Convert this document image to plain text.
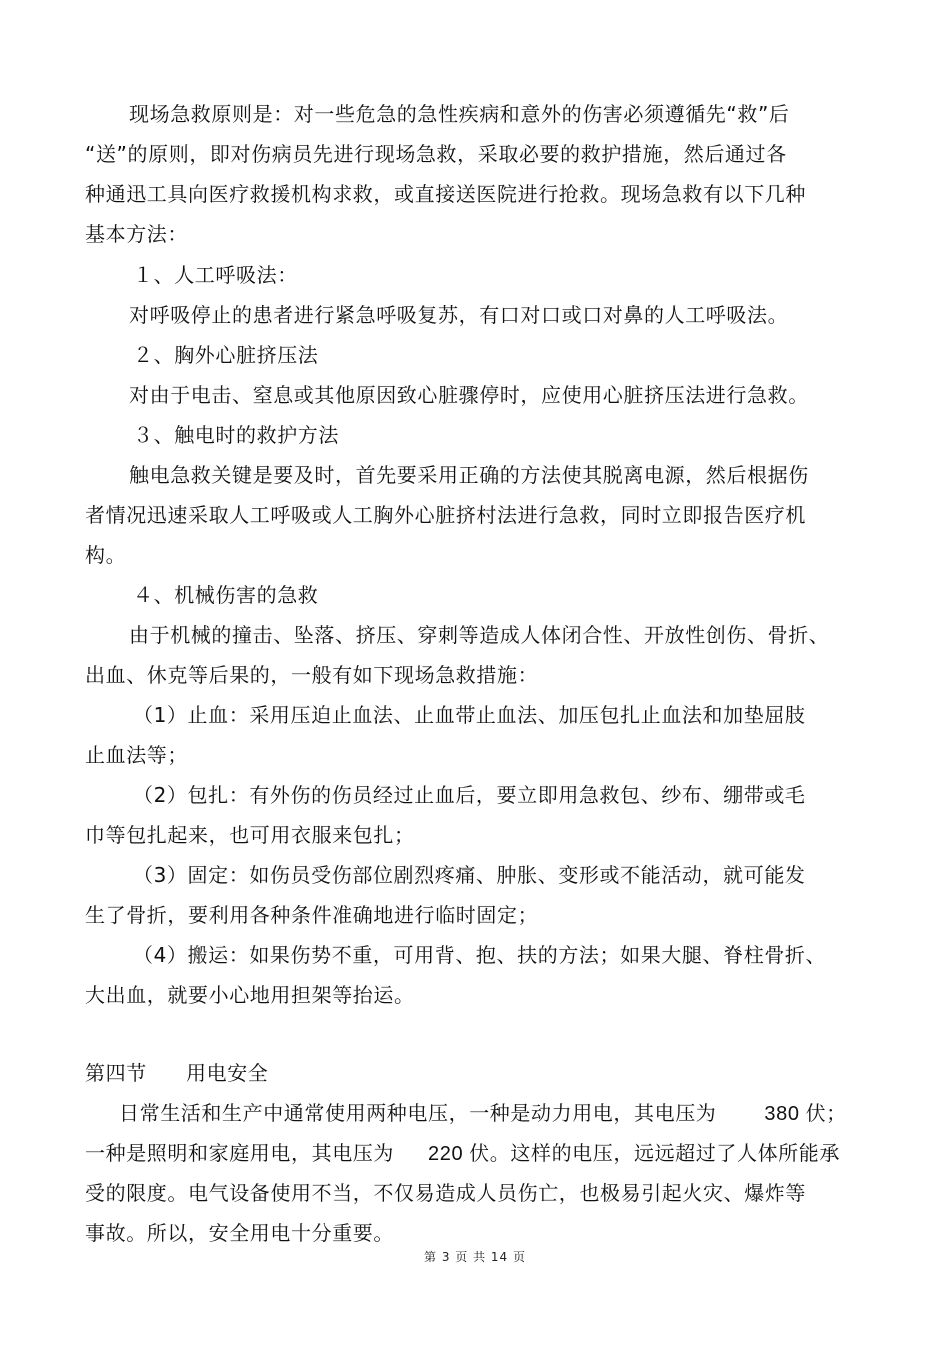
现场急救原则是：对一些危急的急性疾病和意外的伤害必须遵循先“救”后
“送”的原则，即对伤病员先进行现场急救，采取必要的救护措施，然后通过各
种通迅工具向医疗救援机构求救，或直接送医院进行抢救。现场急救有以下几种
基本方法：
１、人工呼吸法：
对呼吸停止的患者进行紧急呼吸复苏，有口对口或口对鼻的人工呼吸法。
２、胸外心脏挤压法
对由于电击、窒息或其他原因致心脏骤停时，应使用心脏挤压法进行急救。
３、触电时的救护方法
触电急救关键是要及时，首先要采用正确的方法使其脱离电源，然后根据伤
者情况迅速采取人工呼吸或人工胸外心脏挤村法进行急救，同时立即报告医疗机
构。
４、机械伤害的急救
由于机械的撞击、坠落、挤压、穿刺等造成人体闭合性、开放性创伤、骨折、
出血、休克等后果的，一般有如下现场急救措施：
（1）止血：采用压迫止血法、止血带止血法、加压包扎止血法和加垫屈肢
止血法等；
（2）包扎：有外伤的伤员经过止血后，要立即用急救包、纱布、绷带或毛
巾等包扎起来，也可用衣服来包扎；
（3）固定：如伤员受伤部位剧烈疼痛、肿胀、变形或不能活动，就可能发
生了骨折，要利用各种条件准确地进行临时固定；
（4）搬运：如果伤势不重，可用背、抱、扶的方法；如果大腿、脊柱骨折、
大出血，就要小心地用担架等抬运。
第四节 用电安全
日常生活和生产中通常使用两种电压，一种是动力用电，其电压为 380 伏；
一种是照明和家庭用电，其电压为 220 伏。这样的电压，远远超过了人体所能承
受的限度。电气设备使用不当，不仅易造成人员伤亡，也极易引起火灾、爆炸等
事故。所以，安全用电十分重要。
第 3 页 共 14 页
